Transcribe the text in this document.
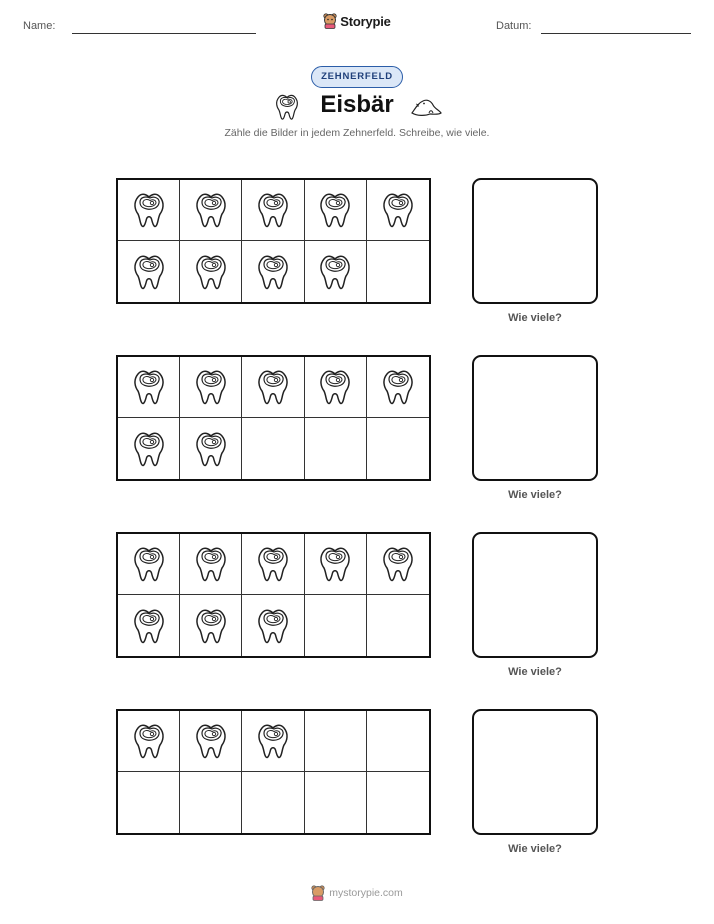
Name:	Storypie	Datum:
ZEHNERFELD
Eisbär
Zähle die Bilder in jedem Zehnerfeld. Schreibe, wie viele.
Wie viele?
Wie viele?
Wie viele?
Wie viele?
mystorypie.com
